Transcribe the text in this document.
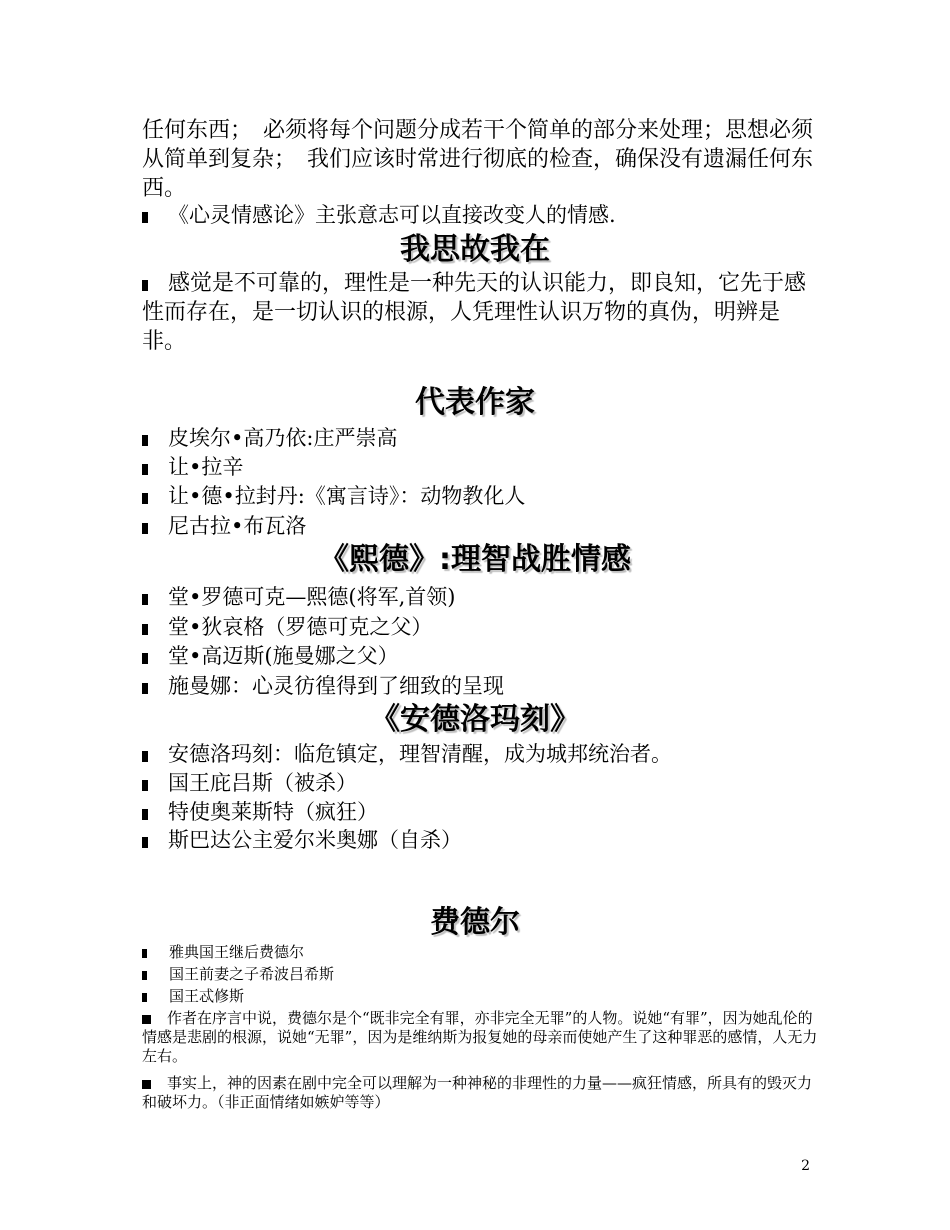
任何东西；　必须将每个问题分成若干个简单的部分来处理；思想必须从简单到复杂；　我们应该时常进行彻底的检查，确保没有遗漏任何东西。

《心灵情感论》主张意志可以直接改变人的情感.

我思故我在

感觉是不可靠的，理性是一种先天的认识能力，即良知，它先于感性而存在，是一切认识的根源，人凭理性认识万物的真伪，明辨是非。

代表作家

皮埃尔•高乃依:庄严崇高

让•拉辛

让•德•拉封丹:《寓言诗》：动物教化人

尼古拉•布瓦洛

《熙德》:理智战胜情感

堂•罗德可克—熙德(将军,首领)

堂•狄哀格（罗德可克之父）

堂•高迈斯(施曼娜之父）

施曼娜：心灵彷徨得到了细致的呈现

《安德洛玛刻》

安德洛玛刻：临危镇定，理智清醒，成为城邦统治者。

国王庇吕斯（被杀）

特使奥莱斯特（疯狂）

斯巴达公主爱尔米奥娜（自杀）

费德尔

雅典国王继后费德尔

国王前妻之子希波吕希斯

国王忒修斯

作者在序言中说，费德尔是个“既非完全有罪，亦非完全无罪”的人物。说她“有罪”，因为她乱伦的情感是悲剧的根源，说她“无罪”，因为是维纳斯为报复她的母亲而使她产生了这种罪恶的感情，人无力左右。

事实上，神的因素在剧中完全可以理解为一种神秘的非理性的力量——疯狂情感，所具有的毁灭力和破坏力。（非正面情绪如嫉妒等等）

2
